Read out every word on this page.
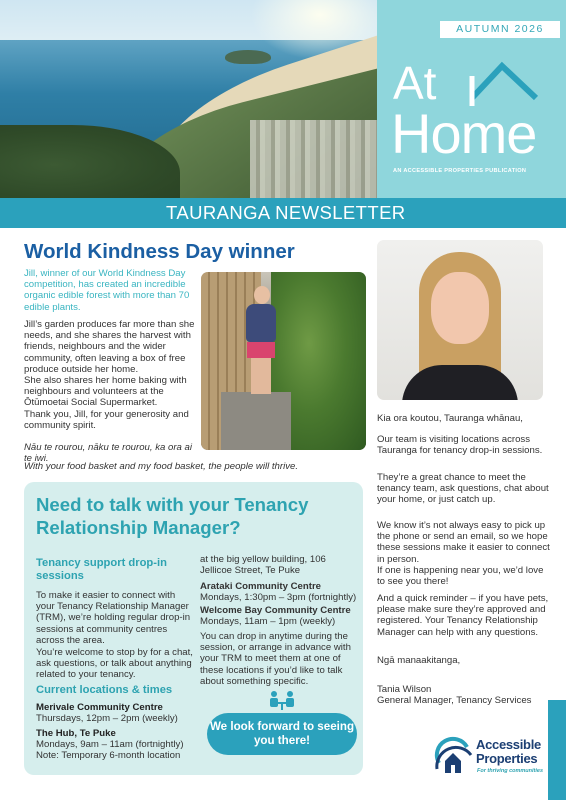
AUTUMN 2026
At
Home
AN ACCESSIBLE PROPERTIES PUBLICATION
TAURANGA NEWSLETTER
World Kindness Day winner
Jill, winner of our World Kindness Day competition, has created an incredible organic edible forest with more than 70 edible plants.
Jill’s garden produces far more than she needs, and she shares the harvest with friends, neighbours and the wider community, often leaving a box of free produce outside her home.
She also shares her home baking with neighbours and volunteers at the Ōtūmoetai Social Supermarket.
Thank you, Jill, for your generosity and community spirit.
Nāu te rourou, nāku te rourou, ka ora ai te iwi.
With your food basket and my food basket, the people will thrive.
Kia ora koutou, Tauranga whānau,
Our team is visiting locations across Tauranga for tenancy drop-in sessions.
They’re a great chance to meet the tenancy team, ask questions, chat about your home, or just catch up.
We know it’s not always easy to pick up the phone or send an email, so we hope these sessions make it easier to connect in person.
If one is happening near you, we’d love to see you there!
And a quick reminder – if you have pets, please make sure they’re approved and registered. Your Tenancy Relationship Manager can help with any questions.
Ngā manaakitanga,
Tania Wilson
General Manager, Tenancy Services
Need to talk with your Tenancy Relationship Manager?
Tenancy support drop-in sessions
To make it easier to connect with your Tenancy Relationship Manager (TRM), we’re holding regular drop-in sessions at community centres across the area.
You’re welcome to stop by for a chat, ask questions, or talk about anything related to your tenancy.
Current locations & times
Merivale Community Centre
Thursdays, 12pm – 2pm (weekly)
The Hub, Te Puke
Mondays, 9am – 11am (fortnightly)
Note: Temporary 6-month location
at the big yellow building, 106 Jellicoe Street, Te Puke
Arataki Community Centre
Mondays, 1:30pm – 3pm (fortnightly)
Welcome Bay Community Centre
Mondays, 11am – 1pm (weekly)
You can drop in anytime during the session, or arrange in advance with your TRM to meet them at one of these locations if you’d like to talk about something specific.
We look forward to seeing you there!	Accessible
Properties
For thriving communities
